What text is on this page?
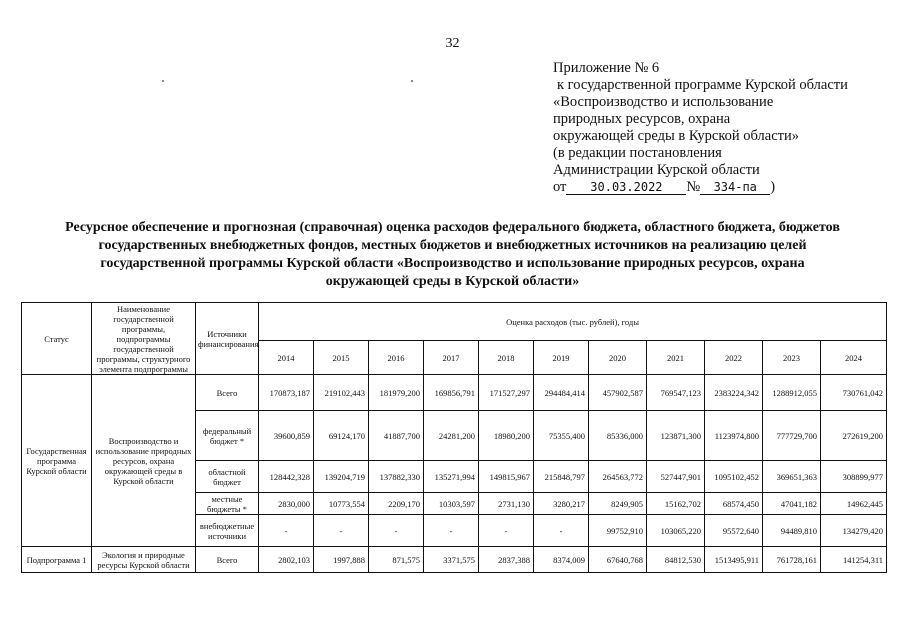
32
Приложение № 6
к государственной программе Курской области
«Воспроизводство и использование
природных ресурсов, охрана
окружающей среды в Курской области»
(в редакции постановления
Администрации Курской области
от 30.03.2022 № 334-па )
Ресурсное обеспечение и прогнозная (справочная) оценка расходов федерального бюджета, областного бюджета, бюджетов
государственных внебюджетных фондов, местных бюджетов и внебюджетных источников на реализацию целей
государственной программы Курской области «Воспроизводство и использование природных ресурсов, охрана
окружающей среды в Курской области»
Статус	Наименование государственной программы, подпрограммы государственной программы, структурного элемента подпрограммы	Источники финансирования	Оценка расходов (тыс. рублей), годы										
			2014	2015	2016	2017	2018	2019	2020	2021	2022	2023	2024
Государственная программа Курской области	Воспроизводство и использование природных ресурсов, охрана окружающей среды в Курской области	Всего	170873,187	219102,443	181979,200	169856,791	171527,297	294484,414	457902,587	769547,123	2383224,342	1288912,055	730761,042
		федеральный бюджет *	39600,859	69124,170	41887,700	24281,200	18980,200	75355,400	85336,000	123871,300	1123974,800	777729,700	272619,200
		областной бюджет	128442,328	139204,719	137882,330	135271,994	149815,967	215848,797	264563,772	527447,901	1095102,452	369651,363	308899,977
		местные бюджеты *	2830,000	10773,554	2209,170	10303,597	2731,130	3280,217	8249,905	15162,702	68574,450	47041,182	14962,445
		внебюджетные источники	-	-	-	-	-	-	99752,910	103065,220	95572,640	94489,810	134279,420
Подпрограмма 1	Экология и природные ресурсы Курской области	Всего	2802,103	1997,888	871,575	3371,575	2837,388	8374,009	67640,768	84812,530	1513495,911	761728,161	141254,311
